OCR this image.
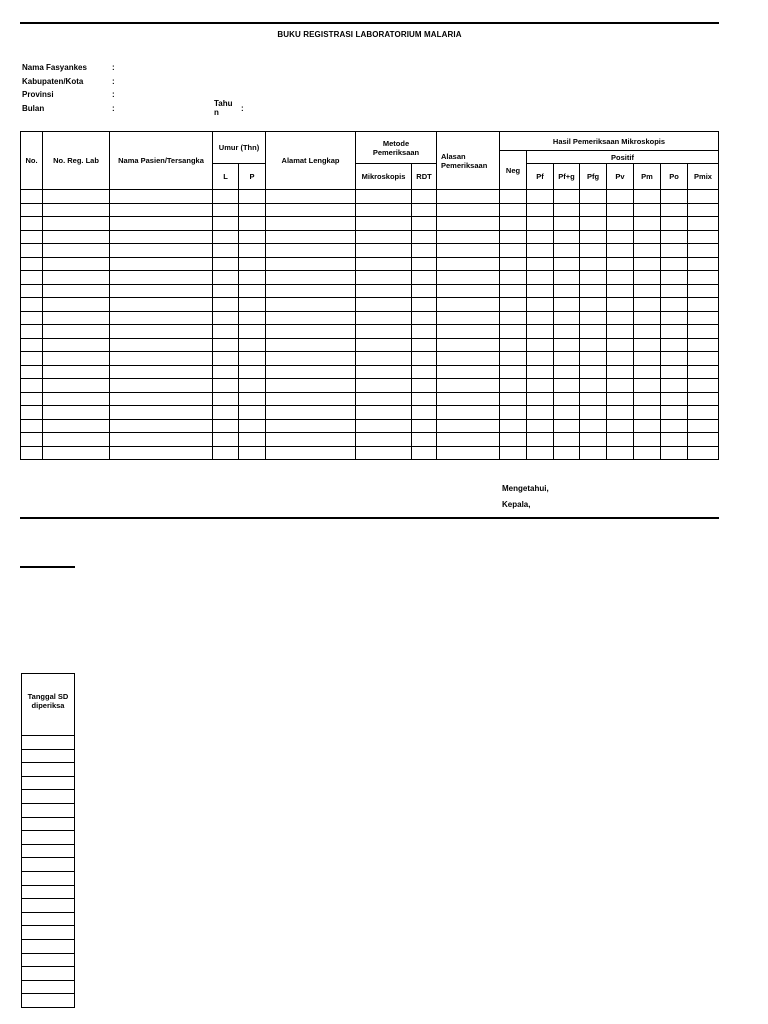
BUKU REGISTRASI LABORATORIUM MALARIA
Nama Fasyankes	:
Kabupaten/Kota	:
Provinsi	:
Bulan	:
Tahu
n	:
No.	No. Reg. Lab	Nama Pasien/Tersangka	Umur (Thn)		Alamat Lengkap	Metode Pemeriksaan		Alasan Pemeriksaan	Hasil Pemeriksaan Mikroskopis							
									Neg	Positif						
			L	P		Mikroskopis	RDT			Pf	Pf+g	Pfg	Pv	Pm	Po	Pmix

Mengetahui,
Kepala,
Tanggal SD diperiksa
